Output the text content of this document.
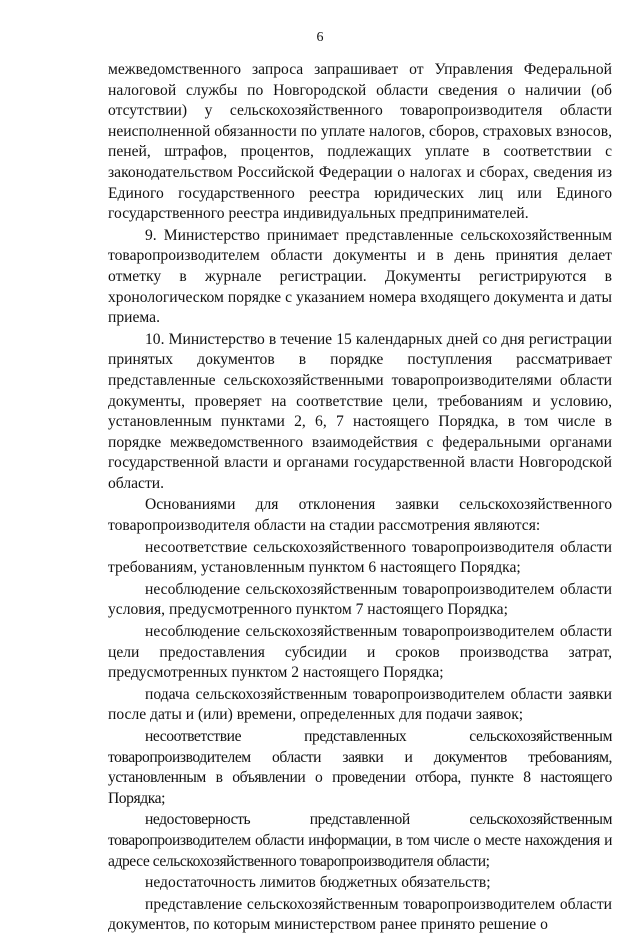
6

межведомственного запроса запрашивает от Управления Федеральной налоговой службы по Новгородской области сведения о наличии (об отсутствии) у сельскохозяйственного товаропроизводителя области неисполненной обязанности по уплате налогов, сборов, страховых взносов, пеней, штрафов, процентов, подлежащих уплате в соответствии с законодательством Российской Федерации о налогах и сборах, сведения из Единого государственного реестра юридических лиц или Единого государственного реестра индивидуальных предпринимателей.

9. Министерство принимает представленные сельскохозяйственным товаропроизводителем области документы и в день принятия делает отметку в журнале регистрации. Документы регистрируются в хронологическом порядке с указанием номера входящего документа и даты приема.

10. Министерство в течение 15 календарных дней со дня регистрации принятых документов в порядке поступления рассматривает представленные сельскохозяйственными товаропроизводителями области документы, проверяет на соответствие цели, требованиям и условию, установленным пунктами 2, 6, 7 настоящего Порядка, в том числе в порядке межведомственного взаимодействия с федеральными органами государственной власти и органами государственной власти Новгородской области.

Основаниями для отклонения заявки сельскохозяйственного товаропроизводителя области на стадии рассмотрения являются:

несоответствие сельскохозяйственного товаропроизводителя области требованиям, установленным пунктом 6 настоящего Порядка;

несоблюдение сельскохозяйственным товаропроизводителем области условия, предусмотренного пунктом 7 настоящего Порядка;

несоблюдение сельскохозяйственным товаропроизводителем области цели предоставления субсидии и сроков производства затрат, предусмотренных пунктом 2 настоящего Порядка;

подача сельскохозяйственным товаропроизводителем области заявки после даты и (или) времени, определенных для подачи заявок;

несоответствие представленных сельскохозяйственным товаропроизводителем области заявки и документов требованиям, установленным в объявлении о проведении отбора, пункте 8 настоящего Порядка;

недостоверность представленной сельскохозяйственным товаропроизводителем области информации, в том числе о месте нахождения и адресе сельскохозяйственного товаропроизводителя области;

недостаточность лимитов бюджетных обязательств;

представление сельскохозяйственным товаропроизводителем области документов, по которым министерством ранее принято решение о
